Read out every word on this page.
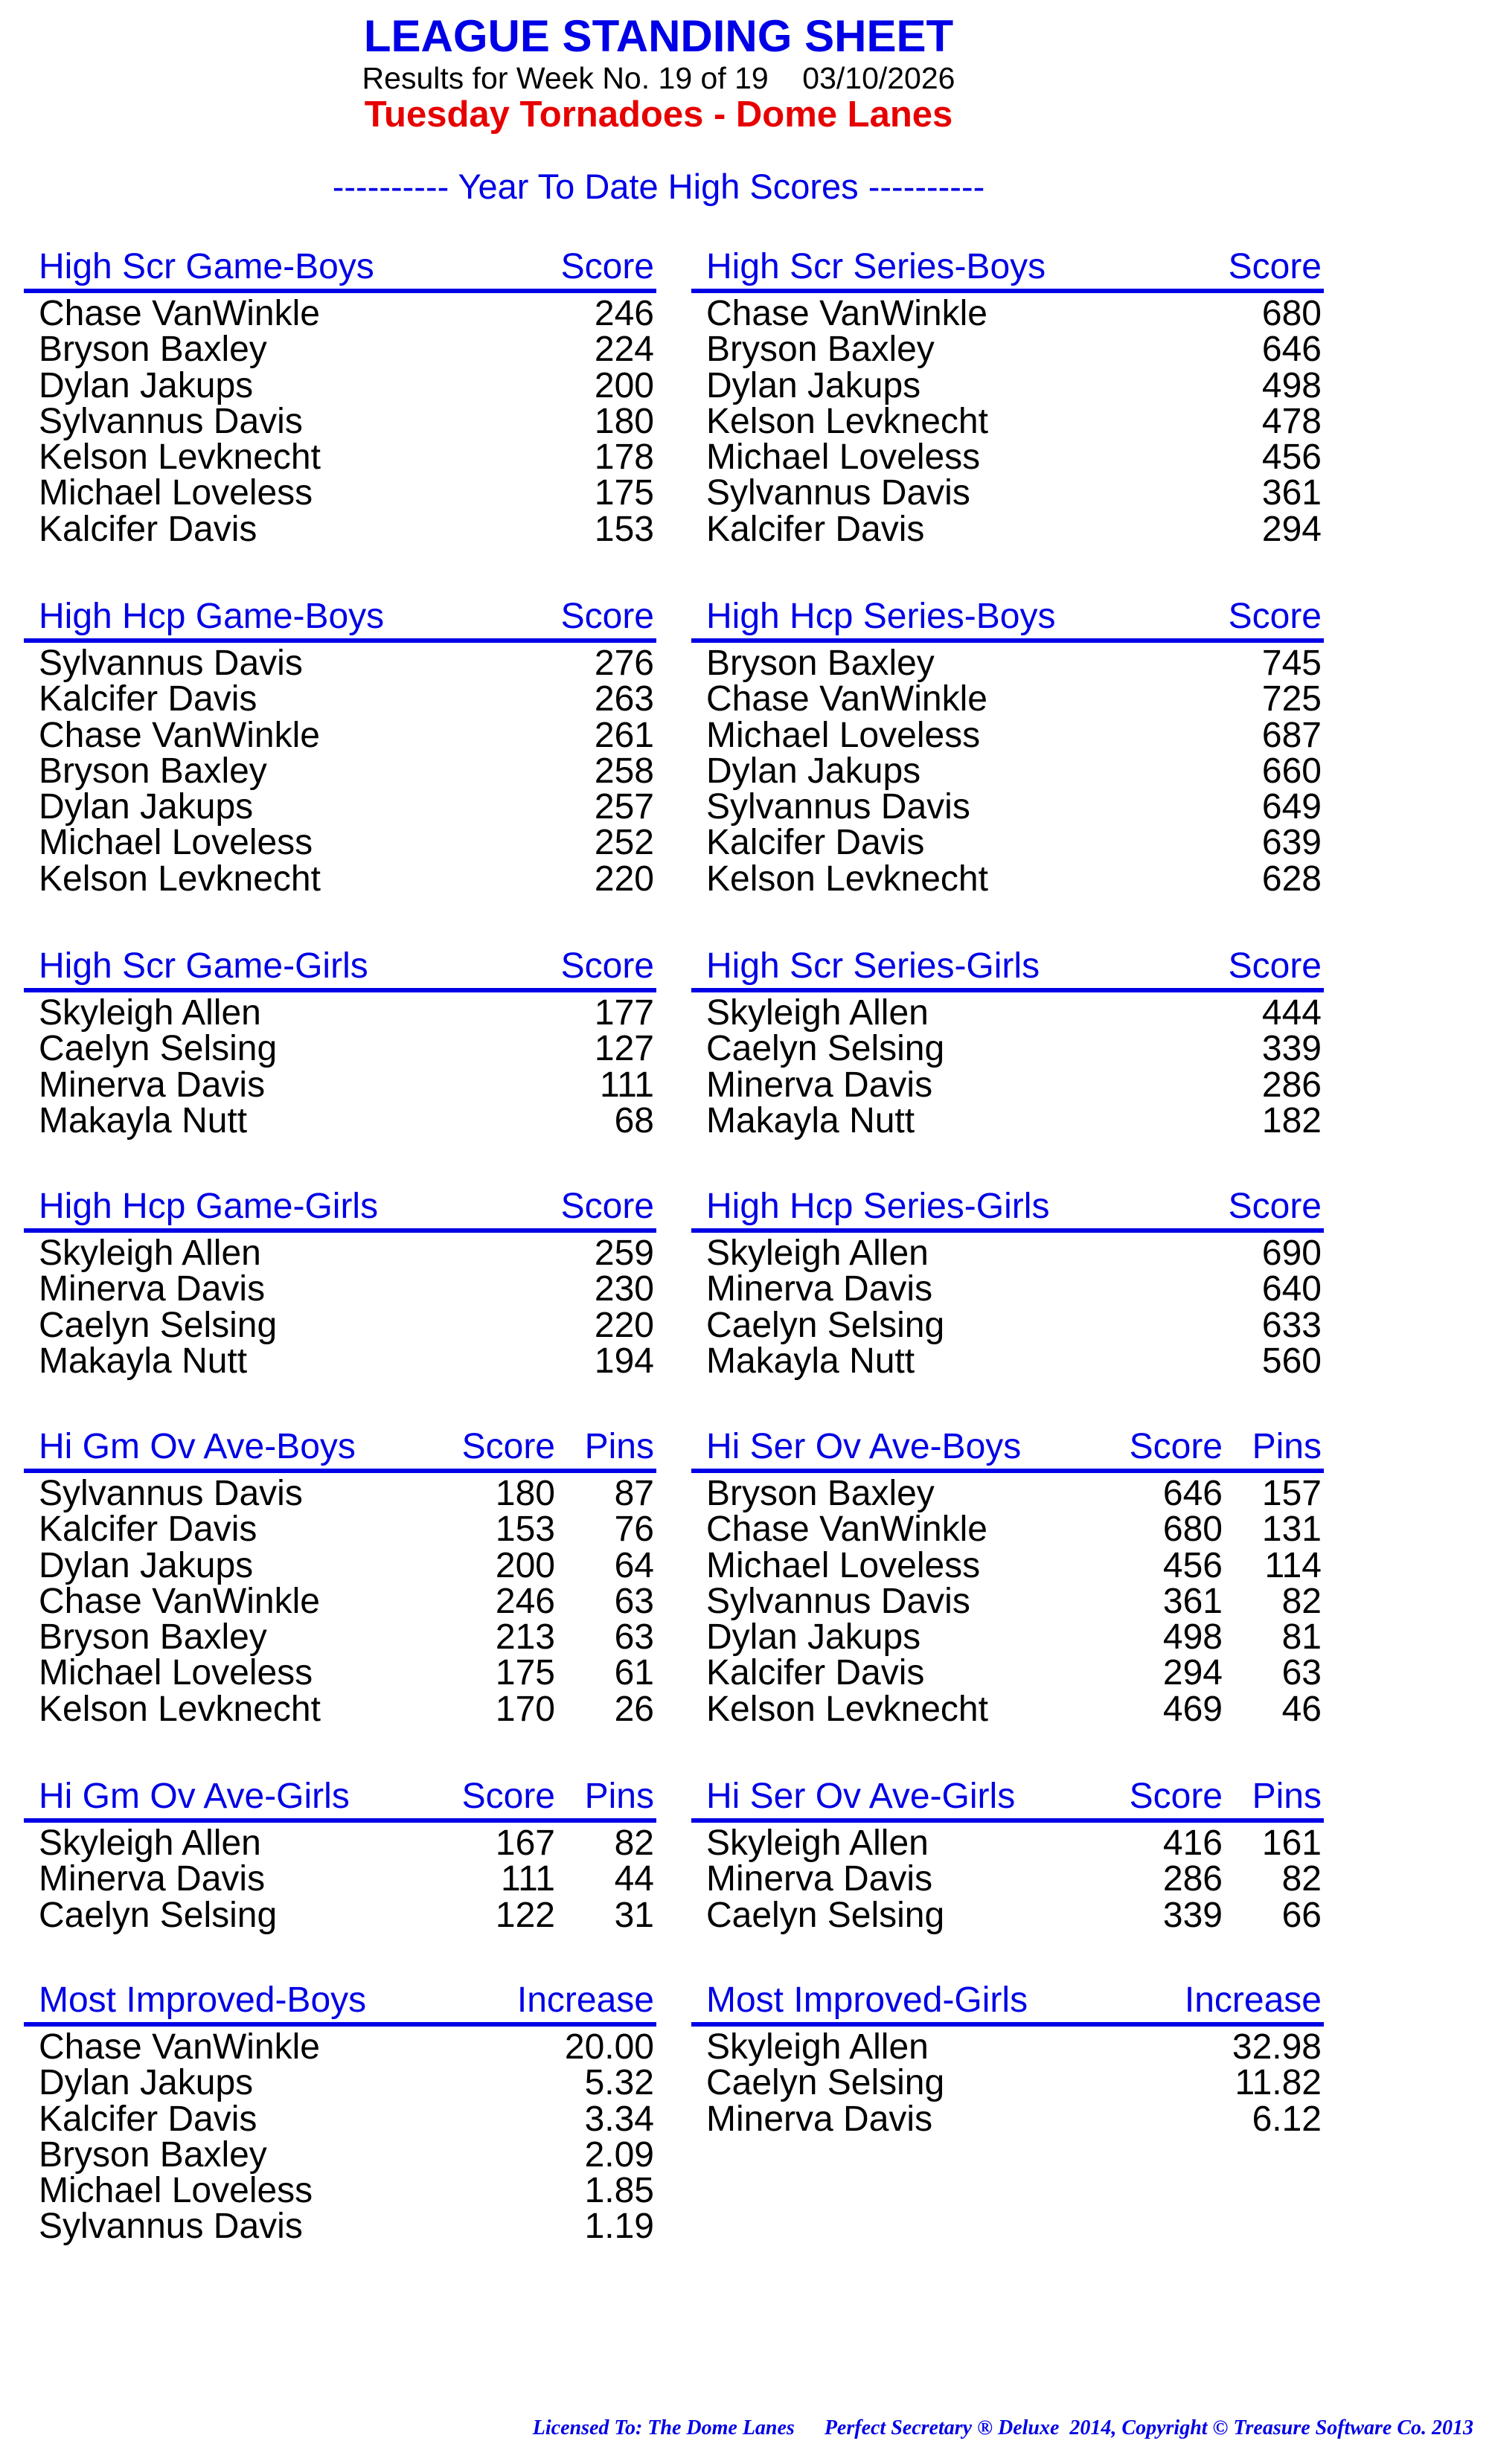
LEAGUE STANDING SHEET
Results for Week No. 19 of 19    03/10/2026
Tuesday Tornadoes - Dome Lanes
---------- Year To Date High Scores ----------
High Scr Game-Boys	Score
Chase VanWinkle	246
Bryson Baxley	224
Dylan Jakups	200
Sylvannus Davis	180
Kelson Levknecht	178
Michael Loveless	175
Kalcifer Davis	153
High Scr Series-Boys	Score
Chase VanWinkle	680
Bryson Baxley	646
Dylan Jakups	498
Kelson Levknecht	478
Michael Loveless	456
Sylvannus Davis	361
Kalcifer Davis	294
High Hcp Game-Boys	Score
Sylvannus Davis	276
Kalcifer Davis	263
Chase VanWinkle	261
Bryson Baxley	258
Dylan Jakups	257
Michael Loveless	252
Kelson Levknecht	220
High Hcp Series-Boys	Score
Bryson Baxley	745
Chase VanWinkle	725
Michael Loveless	687
Dylan Jakups	660
Sylvannus Davis	649
Kalcifer Davis	639
Kelson Levknecht	628
High Scr Game-Girls	Score
Skyleigh Allen	177
Caelyn Selsing	127
Minerva Davis	111
Makayla Nutt	68
High Scr Series-Girls	Score
Skyleigh Allen	444
Caelyn Selsing	339
Minerva Davis	286
Makayla Nutt	182
High Hcp Game-Girls	Score
Skyleigh Allen	259
Minerva Davis	230
Caelyn Selsing	220
Makayla Nutt	194
High Hcp Series-Girls	Score
Skyleigh Allen	690
Minerva Davis	640
Caelyn Selsing	633
Makayla Nutt	560
Hi Gm Ov Ave-Boys	Score Pins
Sylvannus Davis	180 87
Kalcifer Davis	153 76
Dylan Jakups	200 64
Chase VanWinkle	246 63
Bryson Baxley	213 63
Michael Loveless	175 61
Kelson Levknecht	170 26
Hi Ser Ov Ave-Boys	Score Pins
Bryson Baxley	646 157
Chase VanWinkle	680 131
Michael Loveless	456 114
Sylvannus Davis	361 82
Dylan Jakups	498 81
Kalcifer Davis	294 63
Kelson Levknecht	469 46
Hi Gm Ov Ave-Girls	Score Pins
Skyleigh Allen	167 82
Minerva Davis	111 44
Caelyn Selsing	122 31
Hi Ser Ov Ave-Girls	Score Pins
Skyleigh Allen	416 161
Minerva Davis	286 82
Caelyn Selsing	339 66
Most Improved-Boys	Increase
Chase VanWinkle	20.00
Dylan Jakups	5.32
Kalcifer Davis	3.34
Bryson Baxley	2.09
Michael Loveless	1.85
Sylvannus Davis	1.19
Most Improved-Girls	Increase
Skyleigh Allen	32.98
Caelyn Selsing	11.82
Minerva Davis	6.12
Licensed To: The Dome Lanes Perfect Secretary ® Deluxe  2014, Copyright © Treasure Software Co. 2013
